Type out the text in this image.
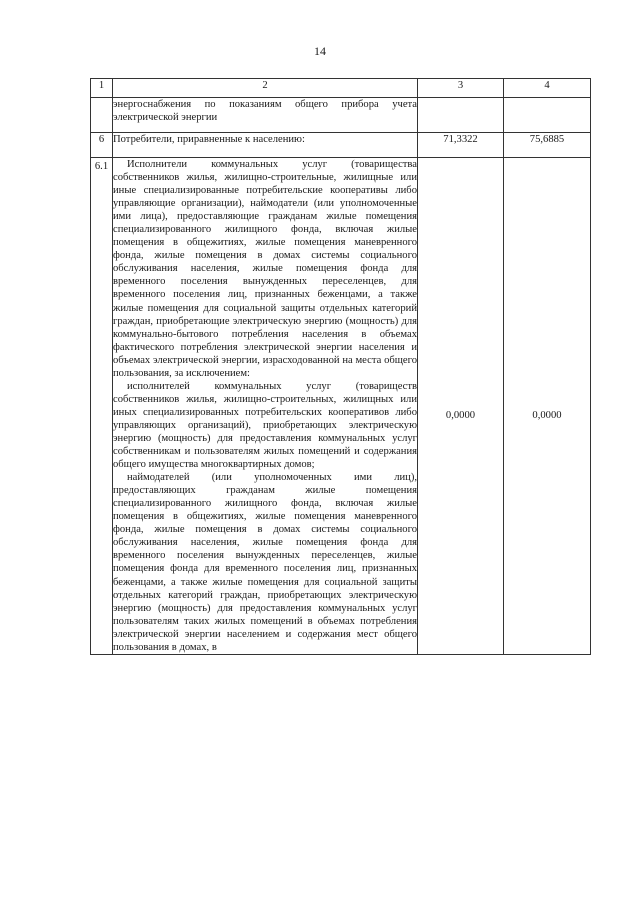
14
1	2	3	4
	энергоснабжения по показаниям общего прибора учета электрической энергии		
6	Потребители, приравненные к населению:	71,3322	75,6885
6.1	Исполнители коммунальных услуг (товарищества собственников жилья, жилищно-строительные, жилищные или иные специализированные потребительские кооперативы либо управляющие организации), наймодатели (или уполномоченные ими лица), предоставляющие гражданам жилые помещения специализированного жилищного фонда, включая жилые помещения в общежитиях, жилые помещения маневренного фонда, жилые помещения в домах системы социального обслуживания населения, жилые помещения фонда для временного поселения вынужденных переселенцев, для временного поселения лиц, признанных беженцами, а также жилые помещения для социальной защиты отдельных категорий граждан, приобретающие электрическую энергию (мощность) для коммунально-бытового потребления населения в объемах фактического потребления электрической энергии населения и объемах электрической энергии, израсходованной на места общего пользования, за исключением:
исполнителей коммунальных услуг (товариществ собственников жилья, жилищно-строительных, жилищных или иных специализированных потребительских кооперативов либо управляющих организаций), приобретающих электрическую энергию (мощность) для предоставления коммунальных услуг собственникам и пользователям жилых помещений и содержания общего имущества многоквартирных домов;
наймодателей (или уполномоченных ими лиц), предоставляющих гражданам жилые помещения специализированного жилищного фонда, включая жилые помещения в общежитиях, жилые помещения маневренного фонда, жилые помещения в домах системы социального обслуживания населения, жилые помещения фонда для временного поселения вынужденных переселенцев, жилые помещения фонда для временного поселения лиц, признанных беженцами, а также жилые помещения для социальной защиты отдельных категорий граждан, приобретающих электрическую энергию (мощность) для предоставления коммунальных услуг пользователям таких жилых помещений в объемах потребления электрической энергии населением и содержания мест общего пользования в домах, в	0,0000	0,0000
